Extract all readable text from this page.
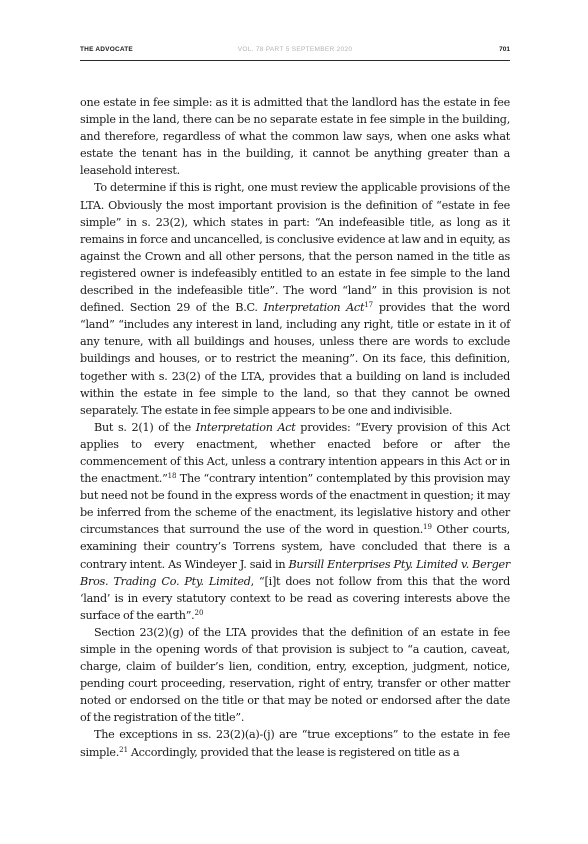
THE ADVOCATE	VOL. 78 PART 5 SEPTEMBER 2020	701

one estate in fee simple: as it is admitted that the landlord has the estate in fee simple in the land, there can be no separate estate in fee simple in the building, and therefore, regardless of what the common law says, when one asks what estate the tenant has in the building, it cannot be anything greater than a leasehold interest.

To determine if this is right, one must review the applicable provisions of the LTA. Obviously the most important provision is the definition of “estate in fee simple” in s. 23(2), which states in part: “An indefeasible title, as long as it remains in force and uncancelled, is conclusive evidence at law and in equity, as against the Crown and all other persons, that the person named in the title as registered owner is indefeasibly entitled to an estate in fee simple to the land described in the indefeasible title”. The word “land” in this provision is not defined. Section 29 of the B.C. Interpretation Act$^{17}$ provides that the word “land” “includes any interest in land, including any right, title or estate in it of any tenure, with all buildings and houses, unless there are words to exclude buildings and houses, or to restrict the meaning”. On its face, this definition, together with s. 23(2) of the LTA, provides that a building on land is included within the estate in fee simple to the land, so that they cannot be owned separately. The estate in fee simple appears to be one and indivisible.

But s. 2(1) of the Interpretation Act provides: “Every provision of this Act applies to every enactment, whether enacted before or after the commencement of this Act, unless a contrary intention appears in this Act or in the enactment.”$^{18}$ The “contrary intention” contemplated by this provision may but need not be found in the express words of the enactment in question; it may be inferred from the scheme of the enactment, its legislative history and other circumstances that surround the use of the word in question.$^{19}$ Other courts, examining their country’s Torrens system, have concluded that there is a contrary intent. As Windeyer J. said in Bursill Enterprises Pty. Limited v. Berger Bros. Trading Co. Pty. Limited, “[i]t does not follow from this that the word ‘land’ is in every statutory context to be read as covering interests above the surface of the earth”.$^{20}$

Section 23(2)(g) of the LTA provides that the definition of an estate in fee simple in the opening words of that provision is subject to “a caution, caveat, charge, claim of builder’s lien, condition, entry, exception, judgment, notice, pending court proceeding, reservation, right of entry, transfer or other matter noted or endorsed on the title or that may be noted or endorsed after the date of the registration of the title”.

The exceptions in ss. 23(2)(a)-(j) are “true exceptions” to the estate in fee simple.$^{21}$ Accordingly, provided that the lease is registered on title as a
